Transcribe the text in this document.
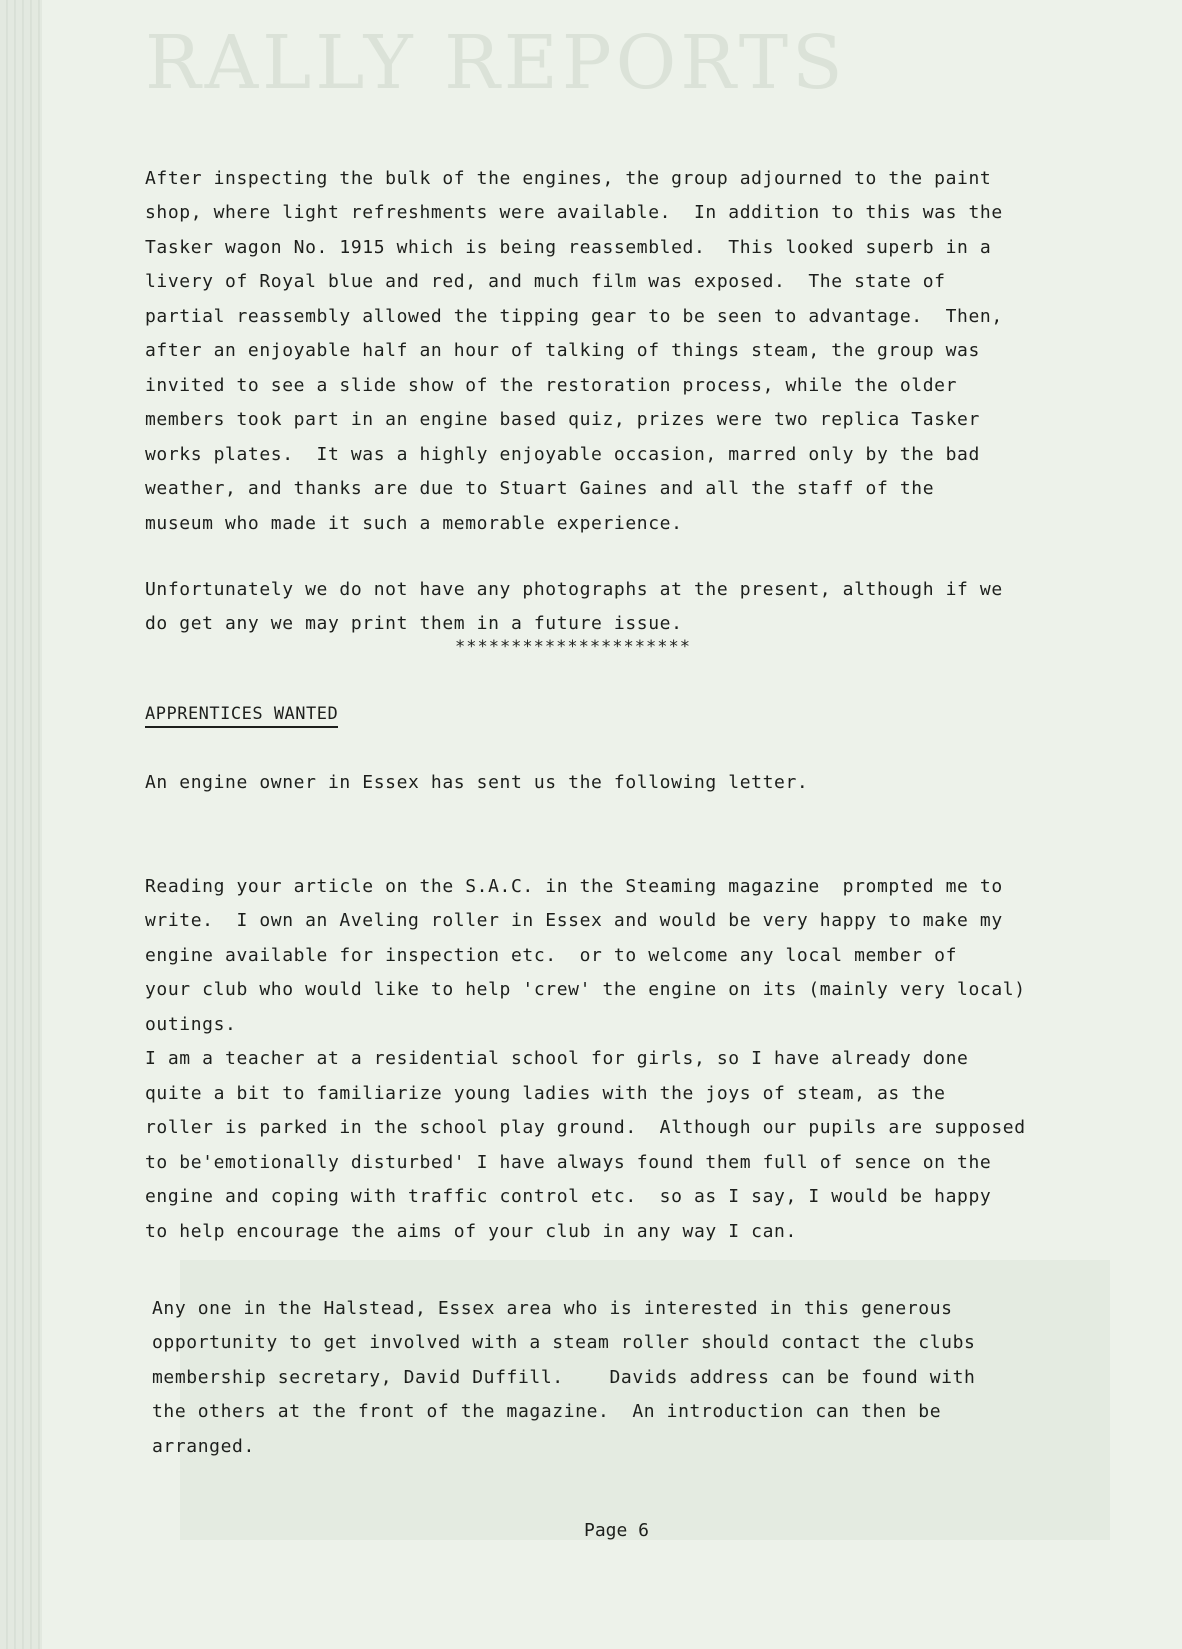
RALLY REPORTS

After inspecting the bulk of the engines, the group adjourned to the paint
shop, where light refreshments were available.  In addition to this was the
Tasker wagon No. 1915 which is being reassembled.  This looked superb in a
livery of Royal blue and red, and much film was exposed.  The state of
partial reassembly allowed the tipping gear to be seen to advantage.  Then,
after an enjoyable half an hour of talking of things steam, the group was
invited to see a slide show of the restoration process, while the older
members took part in an engine based quiz, prizes were two replica Tasker
works plates.  It was a highly enjoyable occasion, marred only by the bad
weather, and thanks are due to Stuart Gaines and all the staff of the
museum who made it such a memorable experience.

Unfortunately we do not have any photographs at the present, although if we
do get any we may print them in a future issue.

*********************
APPRENTICES WANTED
An engine owner in Essex has sent us the following letter.

Reading your article on the S.A.C. in the Steaming magazine  prompted me to
write.  I own an Aveling roller in Essex and would be very happy to make my
engine available for inspection etc.  or to welcome any local member of
your club who would like to help 'crew' the engine on its (mainly very local)
outings.
I am a teacher at a residential school for girls, so I have already done
quite a bit to familiarize young ladies with the joys of steam, as the
roller is parked in the school play ground.  Although our pupils are supposed
to be'emotionally disturbed' I have always found them full of sence on the
engine and coping with traffic control etc.  so as I say, I would be happy
to help encourage the aims of your club in any way I can.

Any one in the Halstead, Essex area who is interested in this generous
opportunity to get involved with a steam roller should contact the clubs
membership secretary, David Duffill.    Davids address can be found with
the others at the front of the magazine.  An introduction can then be
arranged.

Page 6
